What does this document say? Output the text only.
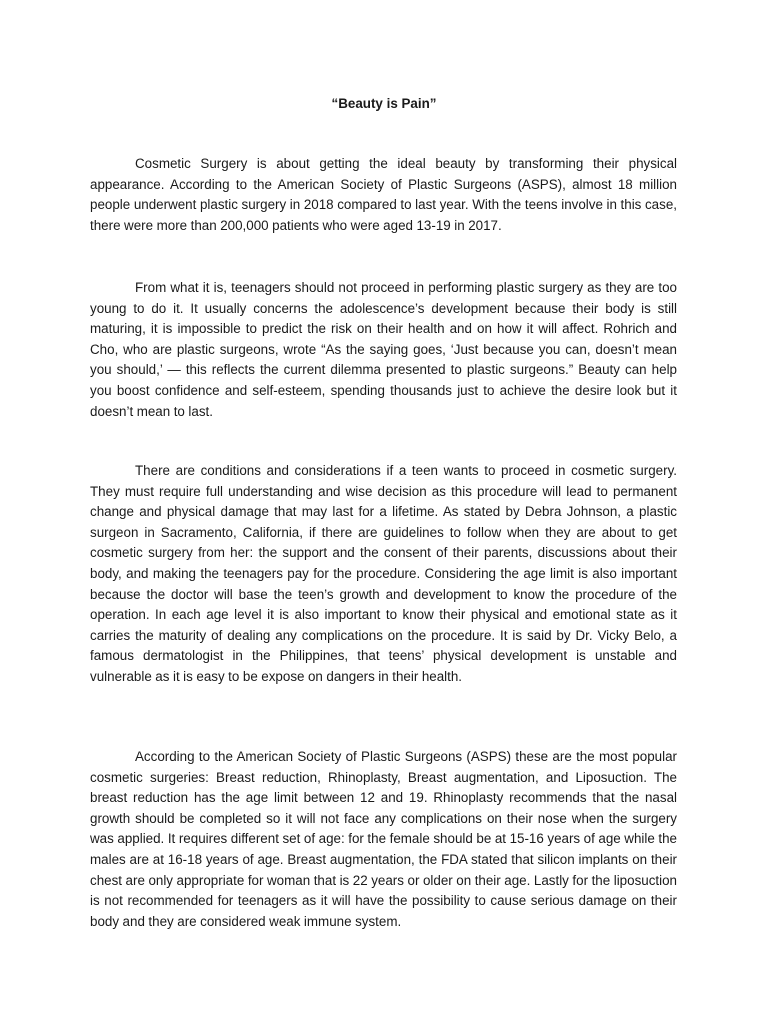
“Beauty is Pain”

Cosmetic Surgery is about getting the ideal beauty by transforming their physical appearance. According to the American Society of Plastic Surgeons (ASPS), almost 18 million people underwent plastic surgery in 2018 compared to last year. With the teens involve in this case, there were more than 200,000 patients who were aged 13-19 in 2017.

From what it is, teenagers should not proceed in performing plastic surgery as they are too young to do it. It usually concerns the adolescence’s development because their body is still maturing, it is impossible to predict the risk on their health and on how it will affect. Rohrich and Cho, who are plastic surgeons, wrote “As the saying goes, ‘Just because you can, doesn’t mean you should,’ — this reflects the current dilemma presented to plastic surgeons.” Beauty can help you boost confidence and self-esteem, spending thousands just to achieve the desire look but it doesn’t mean to last.

There are conditions and considerations if a teen wants to proceed in cosmetic surgery. They must require full understanding and wise decision as this procedure will lead to permanent change and physical damage that may last for a lifetime. As stated by Debra Johnson, a plastic surgeon in Sacramento, California, if there are guidelines to follow when they are about to get cosmetic surgery from her: the support and the consent of their parents, discussions about their body, and making the teenagers pay for the procedure. Considering the age limit is also important because the doctor will base the teen’s growth and development to know the procedure of the operation. In each age level it is also important to know their physical and emotional state as it carries the maturity of dealing any complications on the procedure. It is said by Dr. Vicky Belo, a famous dermatologist in the Philippines, that teens’ physical development is unstable and vulnerable as it is easy to be expose on dangers in their health.

According to the American Society of Plastic Surgeons (ASPS) these are the most popular cosmetic surgeries: Breast reduction, Rhinoplasty, Breast augmentation, and Liposuction. The breast reduction has the age limit between 12 and 19. Rhinoplasty recommends that the nasal growth should be completed so it will not face any complications on their nose when the surgery was applied. It requires different set of age: for the female should be at 15-16 years of age while the males are at 16-18 years of age. Breast augmentation, the FDA stated that silicon implants on their chest are only appropriate for woman that is 22 years or older on their age. Lastly for the liposuction is not recommended for teenagers as it will have the possibility to cause serious damage on their body and they are considered weak immune system.
